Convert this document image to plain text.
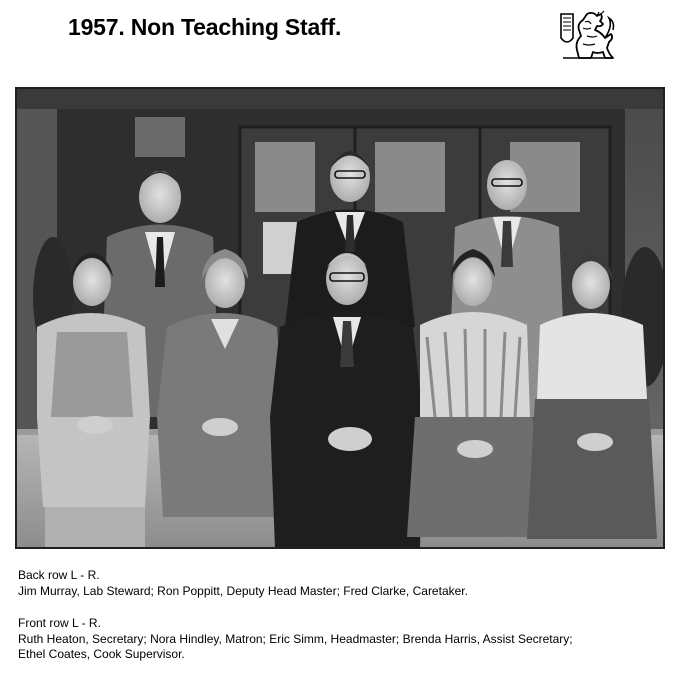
1957. Non Teaching Staff.
Back row L - R.
Jim Murray, Lab Steward; Ron Poppitt, Deputy Head Master; Fred Clarke, Caretaker.
Front row L - R.
Ruth Heaton, Secretary; Nora Hindley, Matron; Eric Simm, Headmaster; Brenda Harris, Assist Secretary;
Ethel Coates, Cook Supervisor.
